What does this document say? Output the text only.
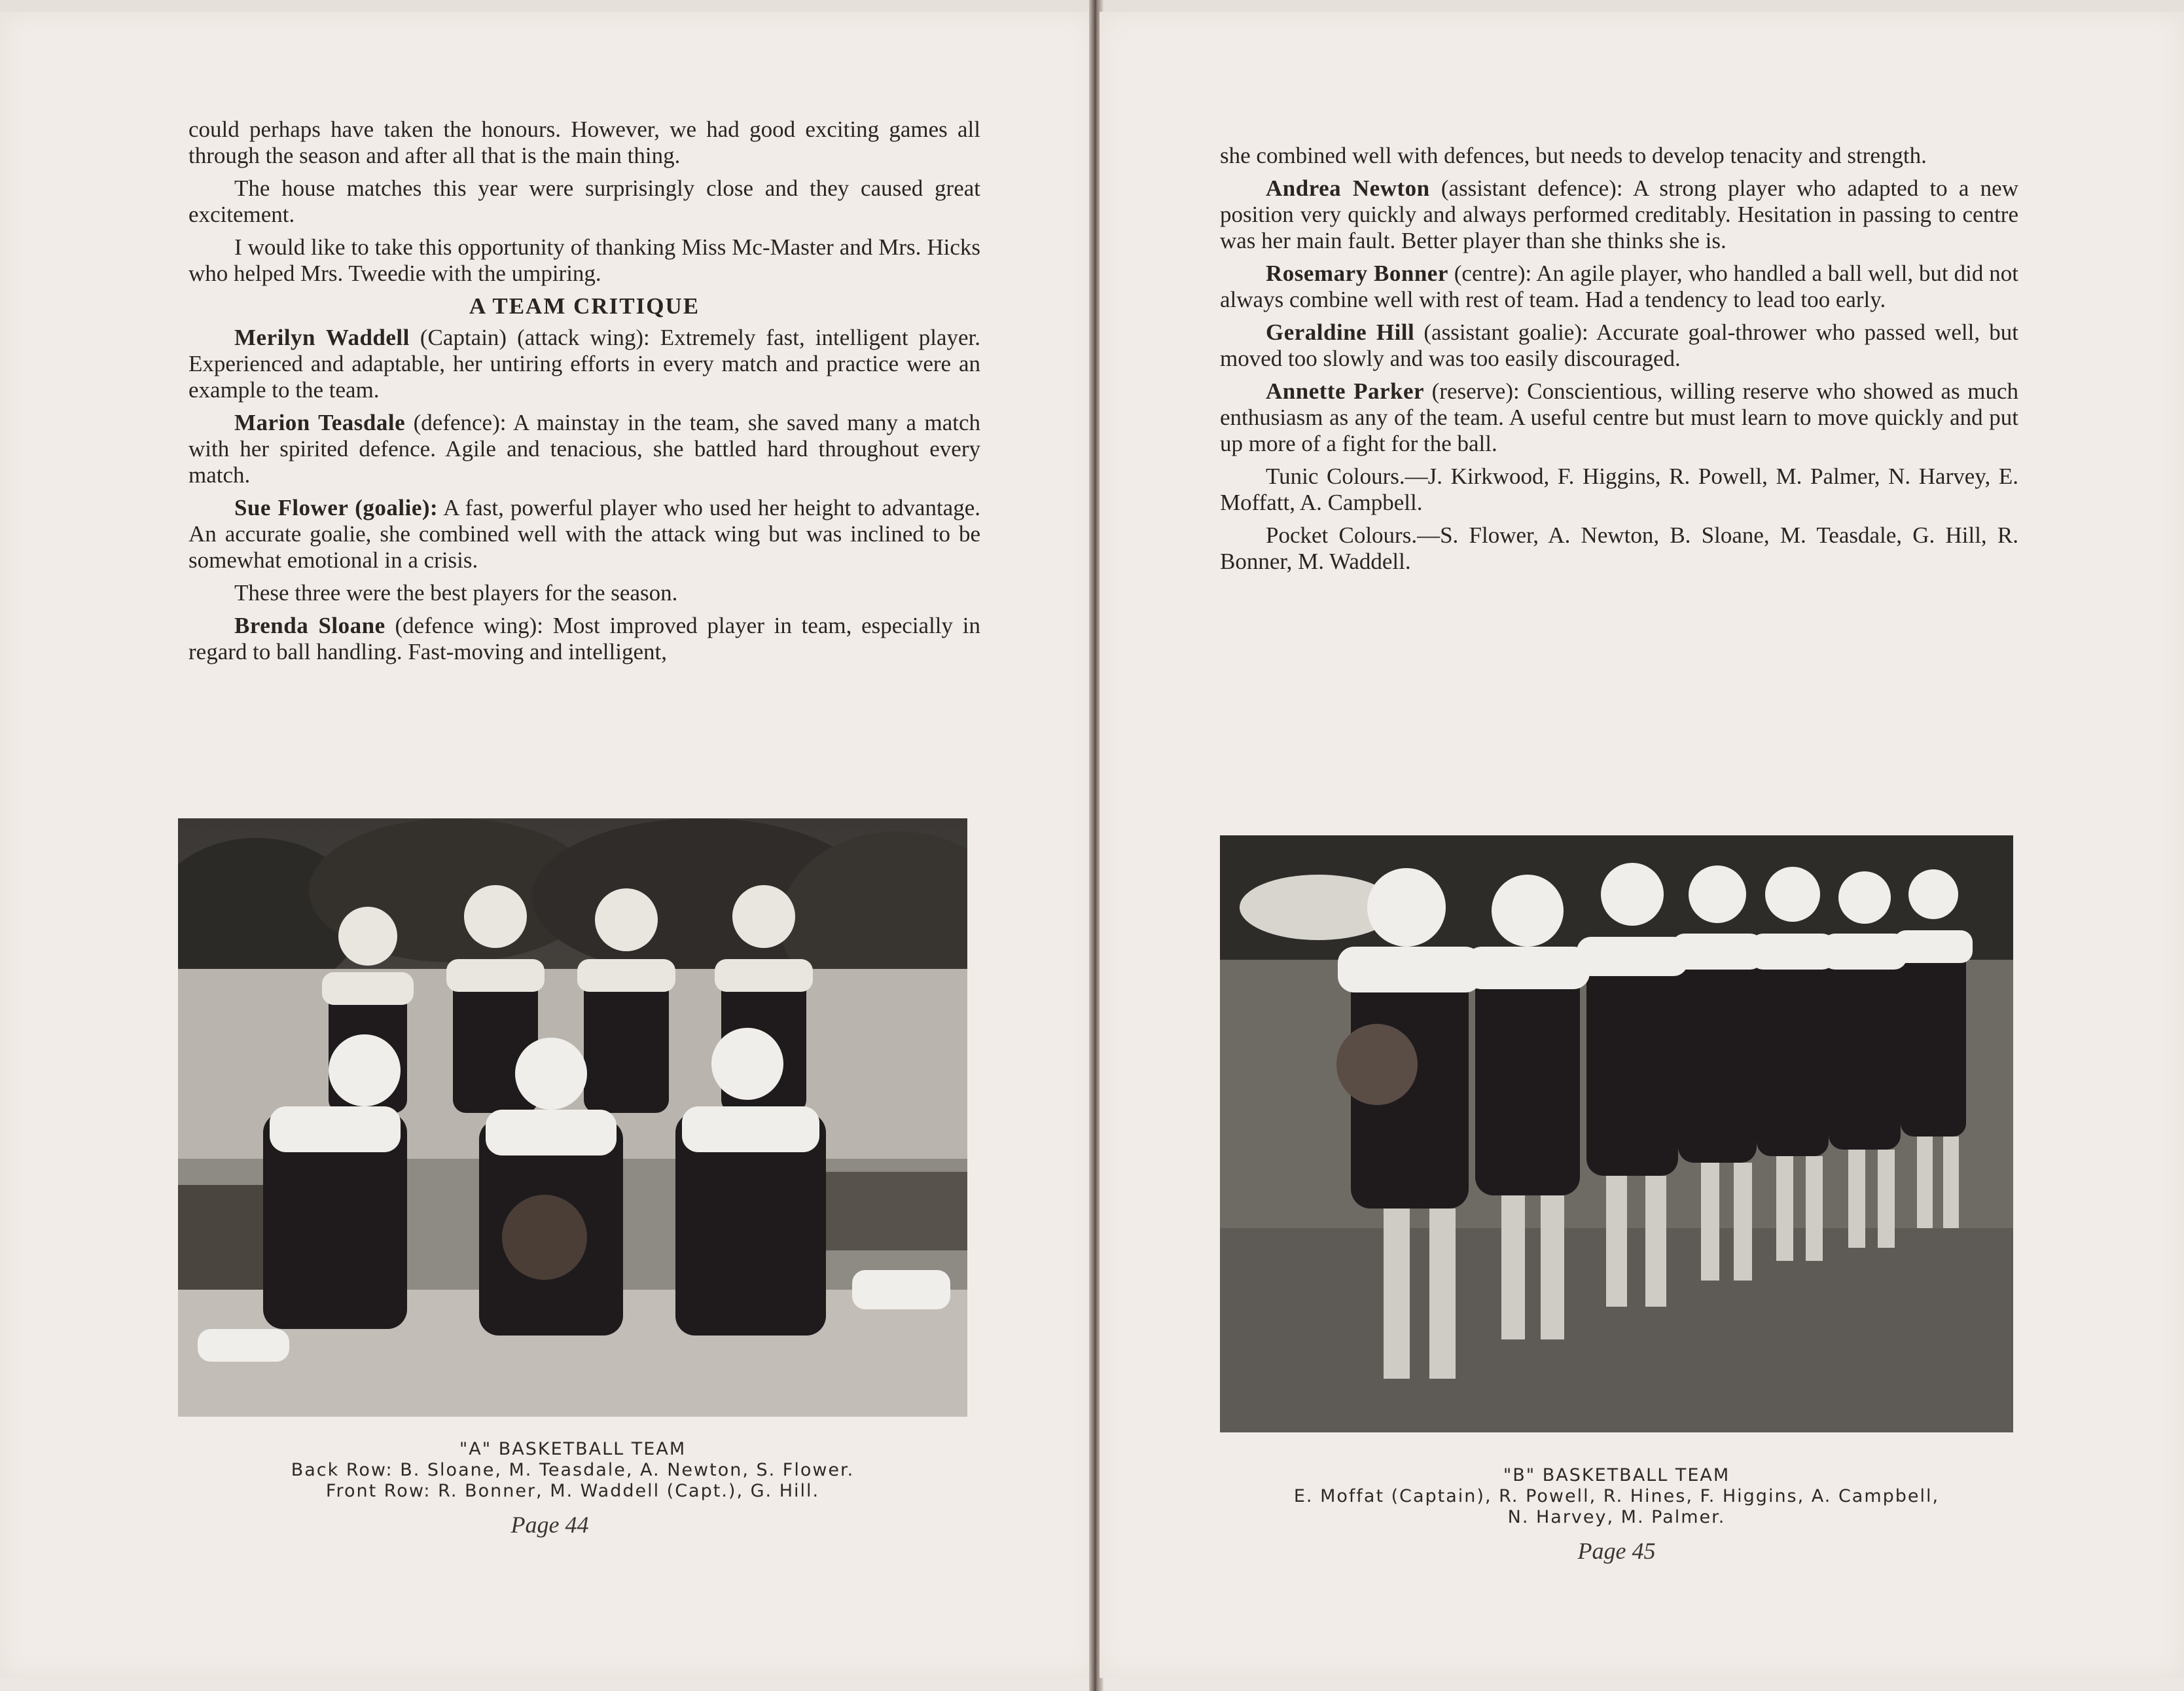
could perhaps have taken the honours. However, we had good exciting games all through the season and after all that is the main thing.

The house matches this year were surprisingly close and they caused great excitement.

I would like to take this opportunity of thanking Miss Mc-Master and Mrs. Hicks who helped Mrs. Tweedie with the umpiring.

A TEAM CRITIQUE

Merilyn Waddell (Captain) (attack wing): Extremely fast, intelligent player. Experienced and adaptable, her untiring efforts in every match and practice were an example to the team.

Marion Teasdale (defence): A mainstay in the team, she saved many a match with her spirited defence. Agile and tenacious, she battled hard throughout every match.

Sue Flower (goalie): A fast, powerful player who used her height to advantage. An accurate goalie, she combined well with the attack wing but was inclined to be somewhat emotional in a crisis.

These three were the best players for the season.

Brenda Sloane (defence wing): Most improved player in team, especially in regard to ball handling. Fast-moving and intelligent,

"A" BASKETBALL TEAM
Back Row: B. Sloane, M. Teasdale, A. Newton, S. Flower.
Front Row: R. Bonner, M. Waddell (Capt.), G. Hill.
Page 44

she combined well with defences, but needs to develop tenacity and strength.

Andrea Newton (assistant defence): A strong player who adapted to a new position very quickly and always performed creditably. Hesitation in passing to centre was her main fault. Better player than she thinks she is.

Rosemary Bonner (centre): An agile player, who handled a ball well, but did not always combine well with rest of team. Had a tendency to lead too early.

Geraldine Hill (assistant goalie): Accurate goal-thrower who passed well, but moved too slowly and was too easily discouraged.

Annette Parker (reserve): Conscientious, willing reserve who showed as much enthusiasm as any of the team. A useful centre but must learn to move quickly and put up more of a fight for the ball.

Tunic Colours.—J. Kirkwood, F. Higgins, R. Powell, M. Palmer, N. Harvey, E. Moffatt, A. Campbell.

Pocket Colours.—S. Flower, A. Newton, B. Sloane, M. Teasdale, G. Hill, R. Bonner, M. Waddell.

"B" BASKETBALL TEAM
E. Moffat (Captain), R. Powell, R. Hines, F. Higgins, A. Campbell,
N. Harvey, M. Palmer.
Page 45
